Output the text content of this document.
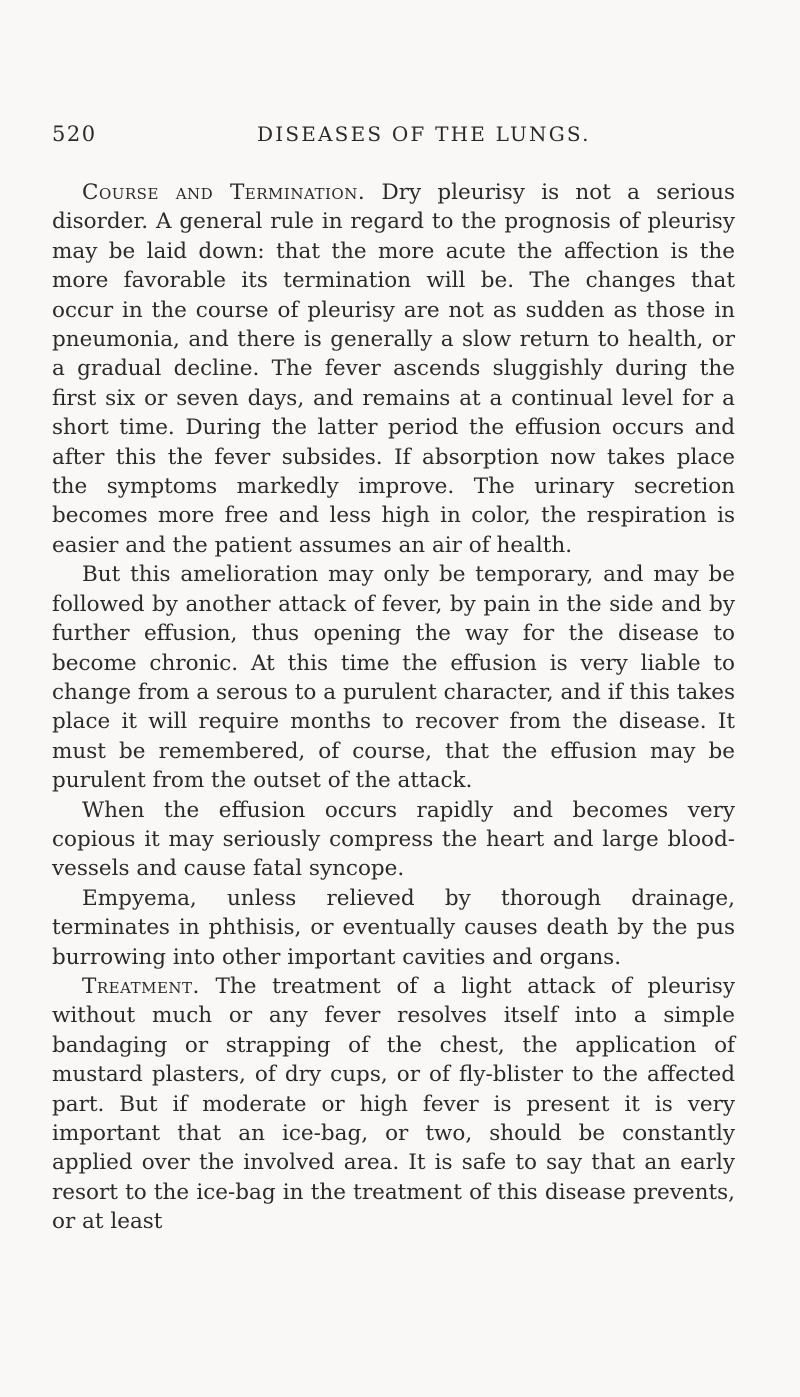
520	DISEASES OF THE LUNGS.

Course and Termination. Dry pleurisy is not a serious disorder. A general rule in regard to the prognosis of pleurisy may be laid down: that the more acute the affection is the more favorable its termination will be. The changes that occur in the course of pleurisy are not as sudden as those in pneumonia, and there is generally a slow return to health, or a gradual decline. The fever ascends sluggishly during the first six or seven days, and remains at a continual level for a short time. During the latter period the effusion occurs and after this the fever subsides. If absorption now takes place the symptoms markedly improve. The urinary secretion becomes more free and less high in color, the respiration is easier and the patient assumes an air of health.

But this amelioration may only be temporary, and may be followed by another attack of fever, by pain in the side and by further effusion, thus opening the way for the disease to become chronic. At this time the effusion is very liable to change from a serous to a purulent character, and if this takes place it will require months to recover from the disease. It must be remembered, of course, that the effusion may be purulent from the outset of the attack.

When the effusion occurs rapidly and becomes very copious it may seriously compress the heart and large blood-vessels and cause fatal syncope.

Empyema, unless relieved by thorough drainage, terminates in phthisis, or eventually causes death by the pus burrowing into other important cavities and organs.

Treatment. The treatment of a light attack of pleurisy without much or any fever resolves itself into a simple bandaging or strapping of the chest, the application of mustard plasters, of dry cups, or of fly-blister to the affected part. But if moderate or high fever is present it is very important that an ice-bag, or two, should be constantly applied over the involved area. It is safe to say that an early resort to the ice-bag in the treatment of this disease prevents, or at least
